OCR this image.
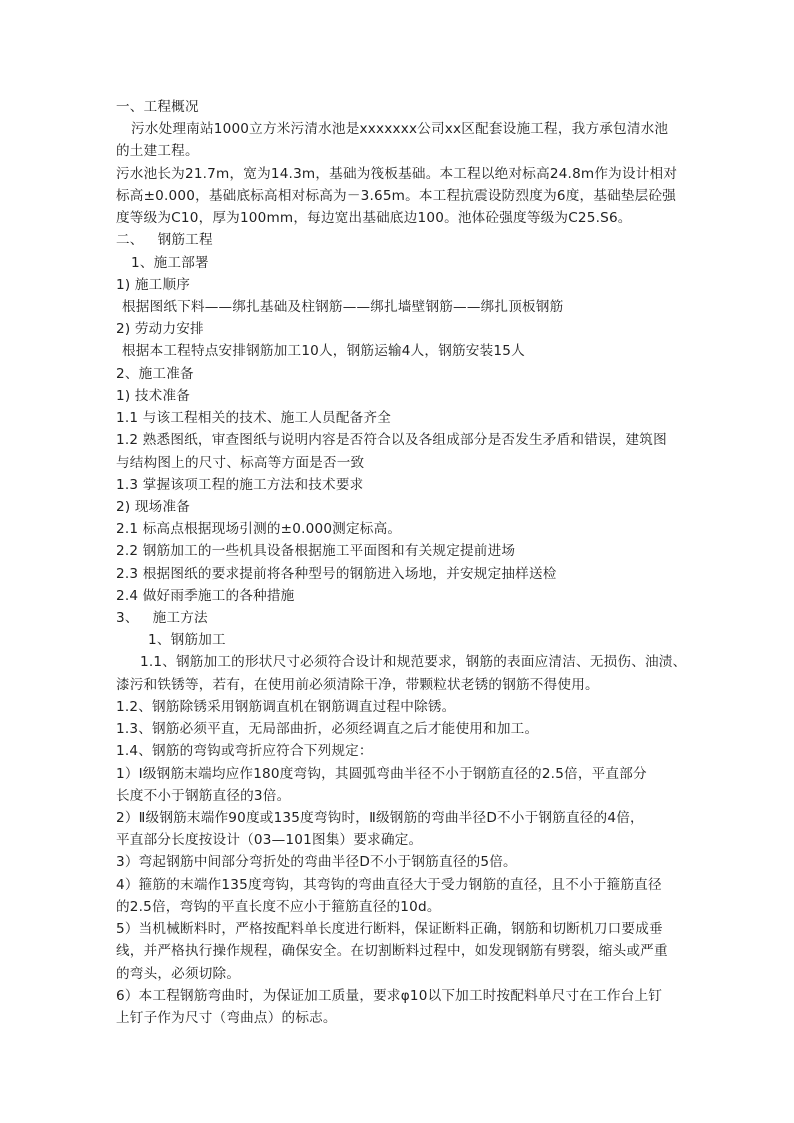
一、工程概况
污水处理南站1000立方米污清水池是xxxxxxx公司xx区配套设施工程，我方承包清水池
的土建工程。
污水池长为21.7m，宽为14.3m，基础为筏板基础。本工程以绝对标高24.8m作为设计相对
标高±0.000，基础底标高相对标高为－3.65m。本工程抗震设防烈度为6度，基础垫层砼强
度等级为C10，厚为100mm，每边宽出基础底边100。池体砼强度等级为C25.S6。
二、 钢筋工程
1、施工部署
1) 施工顺序
根据图纸下料——绑扎基础及柱钢筋——绑扎墙壁钢筋——绑扎顶板钢筋
2) 劳动力安排
根据本工程特点安排钢筋加工10人，钢筋运输4人，钢筋安装15人
2、施工准备
1) 技术准备
1.1 与该工程相关的技术、施工人员配备齐全
1.2 熟悉图纸，审查图纸与说明内容是否符合以及各组成部分是否发生矛盾和错误，建筑图
与结构图上的尺寸、标高等方面是否一致
1.3 掌握该项工程的施工方法和技术要求
2) 现场准备
2.1 标高点根据现场引测的±0.000测定标高。
2.2 钢筋加工的一些机具设备根据施工平面图和有关规定提前进场
2.3 根据图纸的要求提前将各种型号的钢筋进入场地，并安规定抽样送检
2.4 做好雨季施工的各种措施
3、 施工方法
1、钢筋加工
1.1、钢筋加工的形状尺寸必须符合设计和规范要求，钢筋的表面应清洁、无损伤、油渍、
漆污和铁锈等，若有，在使用前必须清除干净，带颗粒状老锈的钢筋不得使用。
1.2、钢筋除锈采用钢筋调直机在钢筋调直过程中除锈。
1.3、钢筋必须平直，无局部曲折，必须经调直之后才能使用和加工。
1.4、钢筋的弯钩或弯折应符合下列规定：
1）Ⅰ级钢筋末端均应作180度弯钩，其圆弧弯曲半径不小于钢筋直径的2.5倍，平直部分
长度不小于钢筋直径的3倍。
2）Ⅱ级钢筋末端作90度或135度弯钩时，Ⅱ级钢筋的弯曲半径D不小于钢筋直径的4倍，
平直部分长度按设计（03—101图集）要求确定。
3）弯起钢筋中间部分弯折处的弯曲半径D不小于钢筋直径的5倍。
4）箍筋的末端作135度弯钩，其弯钩的弯曲直径大于受力钢筋的直径，且不小于箍筋直径
的2.5倍，弯钩的平直长度不应小于箍筋直径的10d。
5）当机械断料时，严格按配料单长度进行断料，保证断料正确，钢筋和切断机刀口要成垂
线，并严格执行操作规程，确保安全。在切割断料过程中，如发现钢筋有劈裂，缩头或严重
的弯头，必须切除。
6）本工程钢筋弯曲时，为保证加工质量，要求φ10以下加工时按配料单尺寸在工作台上钉
上钉子作为尺寸（弯曲点）的标志。
